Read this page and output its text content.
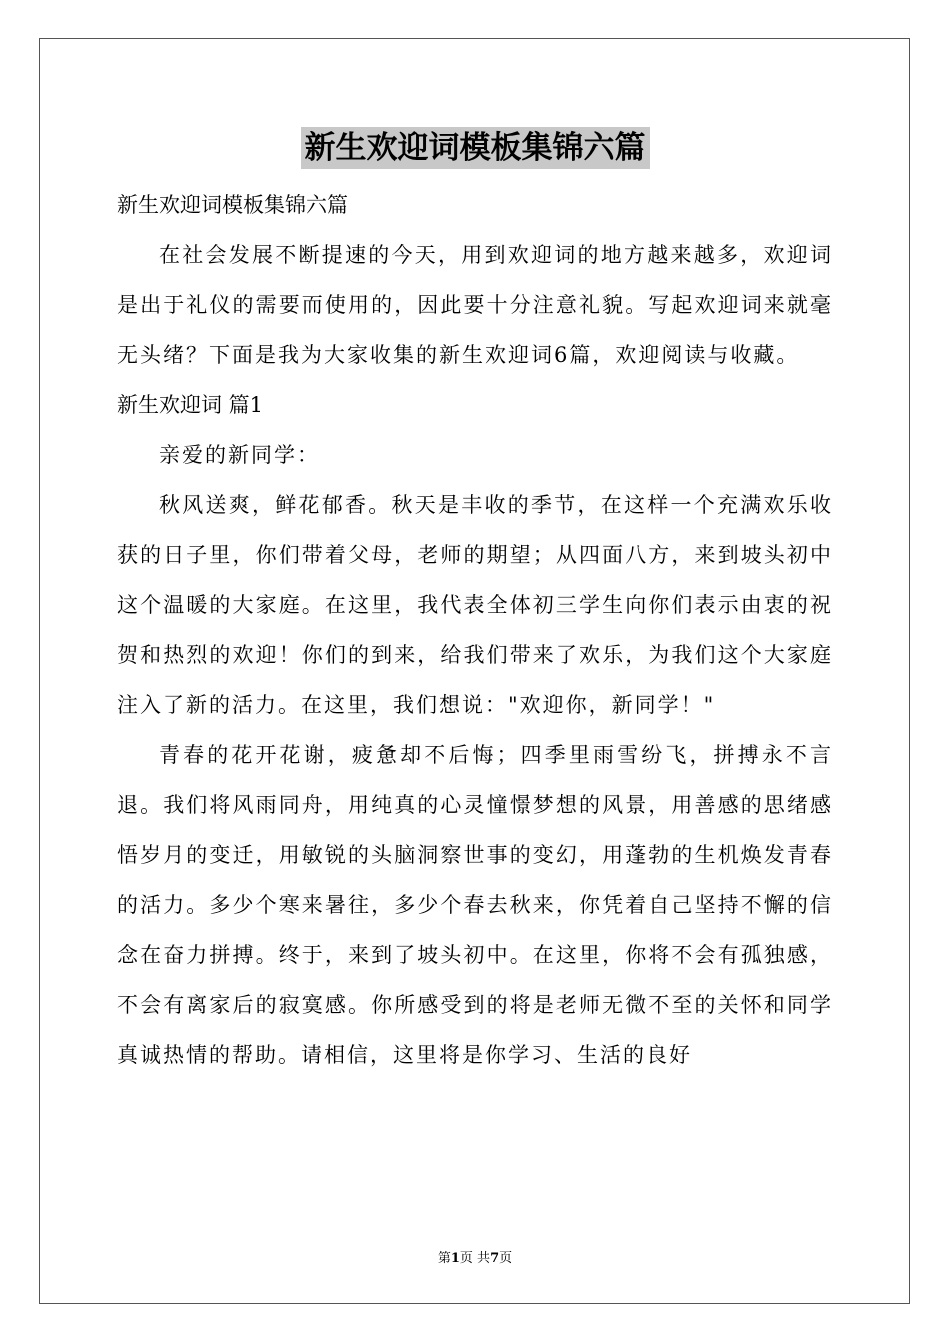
新生欢迎词模板集锦六篇

新生欢迎词模板集锦六篇

在社会发展不断提速的今天，用到欢迎词的地方越来越多，欢迎词是出于礼仪的需要而使用的，因此要十分注意礼貌。写起欢迎词来就毫无头绪？下面是我为大家收集的新生欢迎词6篇，欢迎阅读与收藏。

新生欢迎词 篇1

亲爱的新同学：

秋风送爽，鲜花郁香。秋天是丰收的季节，在这样一个充满欢乐收获的日子里，你们带着父母，老师的期望；从四面八方，来到坡头初中这个温暖的大家庭。在这里，我代表全体初三学生向你们表示由衷的祝贺和热烈的欢迎！你们的到来，给我们带来了欢乐，为我们这个大家庭注入了新的活力。在这里，我们想说："欢迎你，新同学！"

青春的花开花谢，疲惫却不后悔；四季里雨雪纷飞，拼搏永不言退。我们将风雨同舟，用纯真的心灵憧憬梦想的风景，用善感的思绪感悟岁月的变迁，用敏锐的头脑洞察世事的变幻，用蓬勃的生机焕发青春的活力。多少个寒来暑往，多少个春去秋来，你凭着自己坚持不懈的信念在奋力拼搏。终于，来到了坡头初中。在这里，你将不会有孤独感，不会有离家后的寂寞感。你所感受到的将是老师无微不至的关怀和同学真诚热情的帮助。请相信，这里将是你学习、生活的良好

第1页 共7页
